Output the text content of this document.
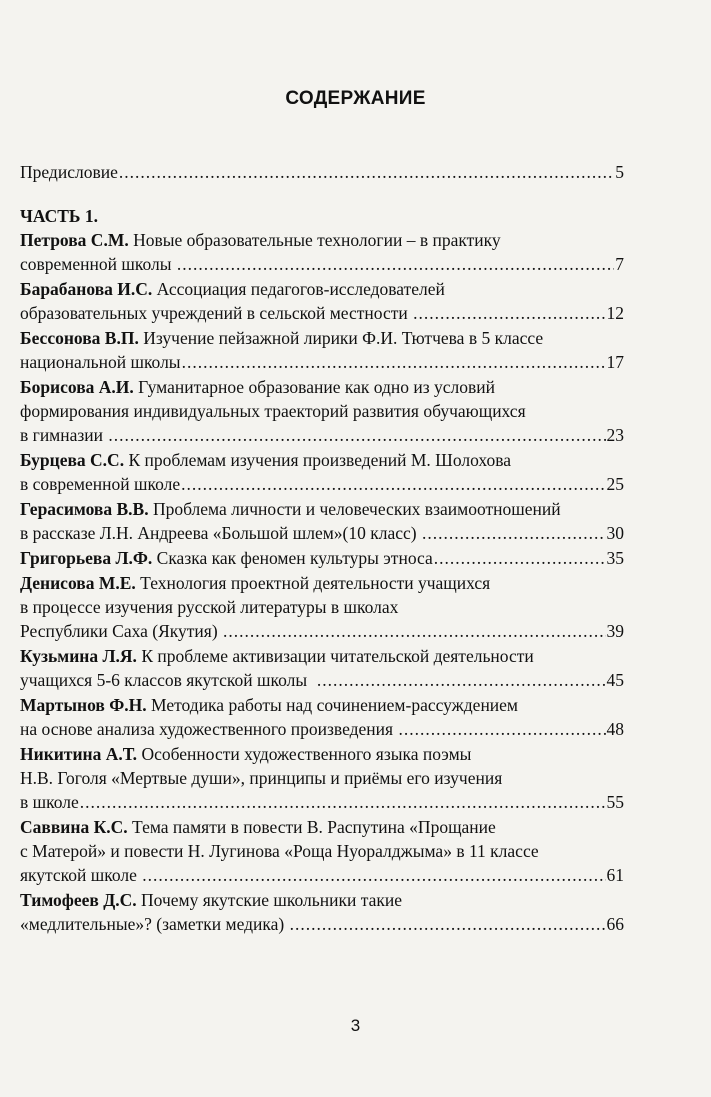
СОДЕРЖАНИЕ
Предисловие .....	5
ЧАСТЬ 1.
Петрова С.М. Новые образовательные технологии – в практику
современной школы .....	7
Барабанова И.С. Ассоциация педагогов-исследователей
образовательных учреждений в сельской местности .....	12
Бессонова В.П. Изучение пейзажной лирики Ф.И. Тютчева в 5 классе
национальной школы .....	17
Борисова А.И. Гуманитарное образование как одно из условий
формирования индивидуальных траекторий развития обучающихся
в гимназии .....	23
Бурцева С.С. К проблемам изучения произведений М. Шолохова
в современной школе .....	25
Герасимова В.В. Проблема личности и человеческих взаимоотношений
в рассказе Л.Н. Андреева «Большой шлем»(10 класс) .....	30
Григорьева Л.Ф. Сказка как феномен культуры этноса .....	35
Денисова М.Е. Технология проектной деятельности учащихся
в процессе изучения русской литературы в школах
Республики Саха (Якутия) .....	39
Кузьмина Л.Я. К проблеме активизации читательской деятельности
учащихся 5-6 классов якутской школы .....	45
Мартынов Ф.Н. Методика работы над сочинением-рассуждением
на основе анализа художественного произведения .....	48
Никитина А.Т. Особенности художественного языка поэмы
Н.В. Гоголя «Мертвые души», принципы и приёмы его изучения
в школе .....	55
Саввина К.С. Тема памяти в повести В. Распутина «Прощание
с Матерой» и повести Н. Лугинова «Роща Нуоралджыма» в 11 классе
якутской школе .....	61
Тимофеев Д.С. Почему якутские школьники такие
«медлительные»? (заметки медика) .....	66
3
